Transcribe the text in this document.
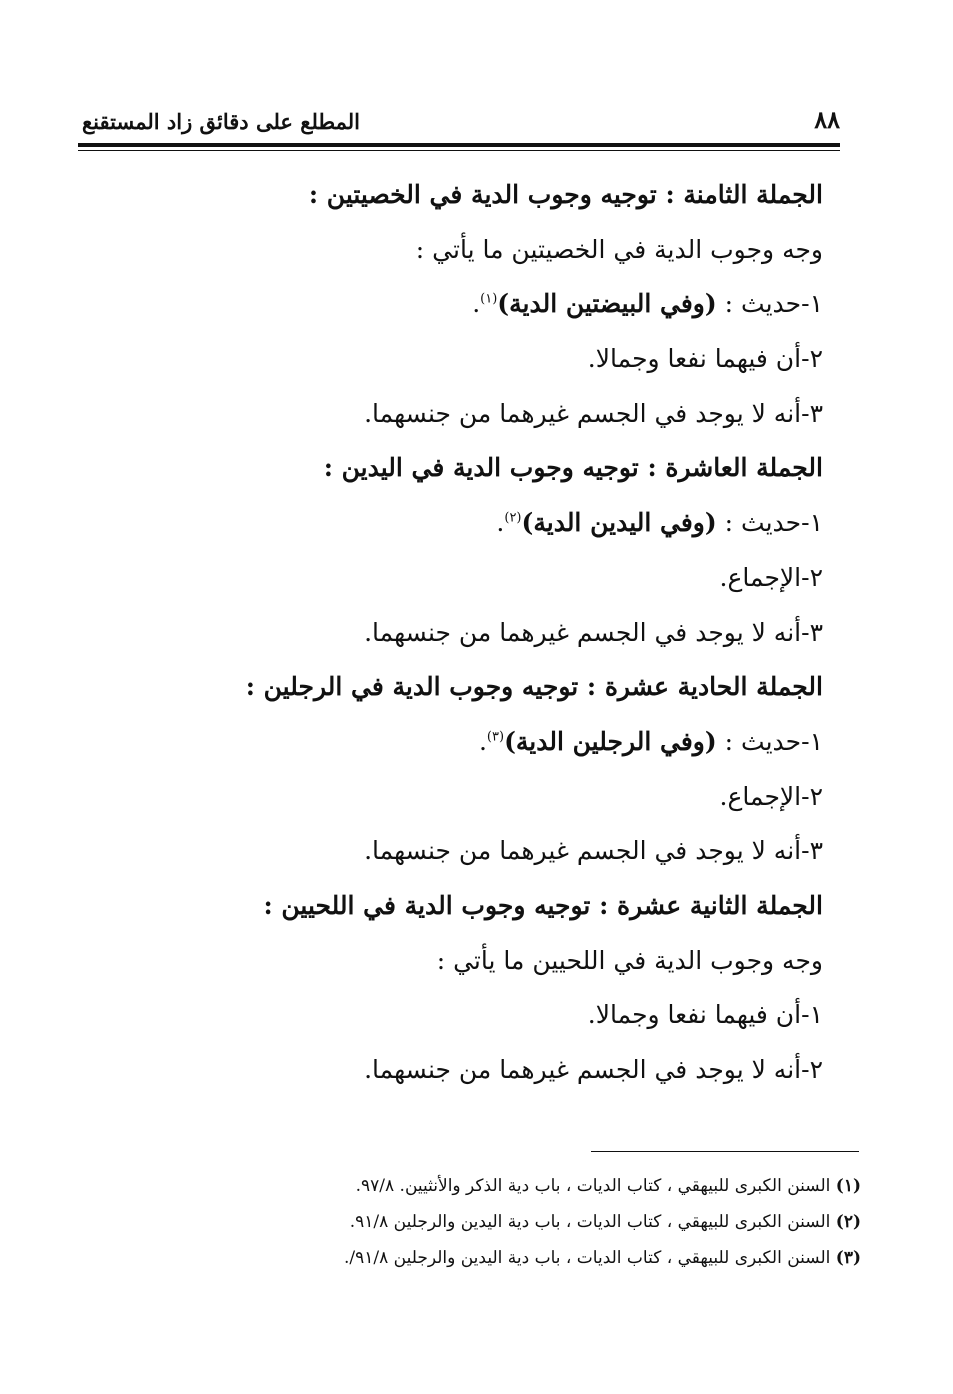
المطلع على دقائق زاد المستقنع	٨٨
الجملة الثامنة : توجيه وجوب الدية في الخصيتين :
وجه وجوب الدية في الخصيتين ما يأتي :
١-حديث : (وفي البيضتين الدية)$^{(١)}$.
٢-أن فيهما نفعا وجمالا.
٣-أنه لا يوجد في الجسم غيرهما من جنسهما.
الجملة العاشرة : توجيه وجوب الدية في اليدين :
١-حديث : (وفي اليدين الدية)$^{(٢)}$.
٢-الإجماع.
٣-أنه لا يوجد في الجسم غيرهما من جنسهما.
الجملة الحادية عشرة : توجيه وجوب الدية في الرجلين :
١-حديث : (وفي الرجلين الدية)$^{(٣)}$.
٢-الإجماع.
٣-أنه لا يوجد في الجسم غيرهما من جنسهما.
الجملة الثانية عشرة : توجيه وجوب الدية في اللحيين :
وجه وجوب الدية في اللحيين ما يأتي :
١-أن فيهما نفعا وجمالا.
٢-أنه لا يوجد في الجسم غيرهما من جنسهما.
(١) السنن الكبرى للبيهقي ، كتاب الديات ، باب دية الذكر والأنثيين. ٩٧/٨.
(٢) السنن الكبرى للبيهقي ، كتاب الديات ، باب دية اليدين والرجلين ٩١/٨.
(٣) السنن الكبرى للبيهقي ، كتاب الديات ، باب دية اليدين والرجلين ٩١/٨/.
